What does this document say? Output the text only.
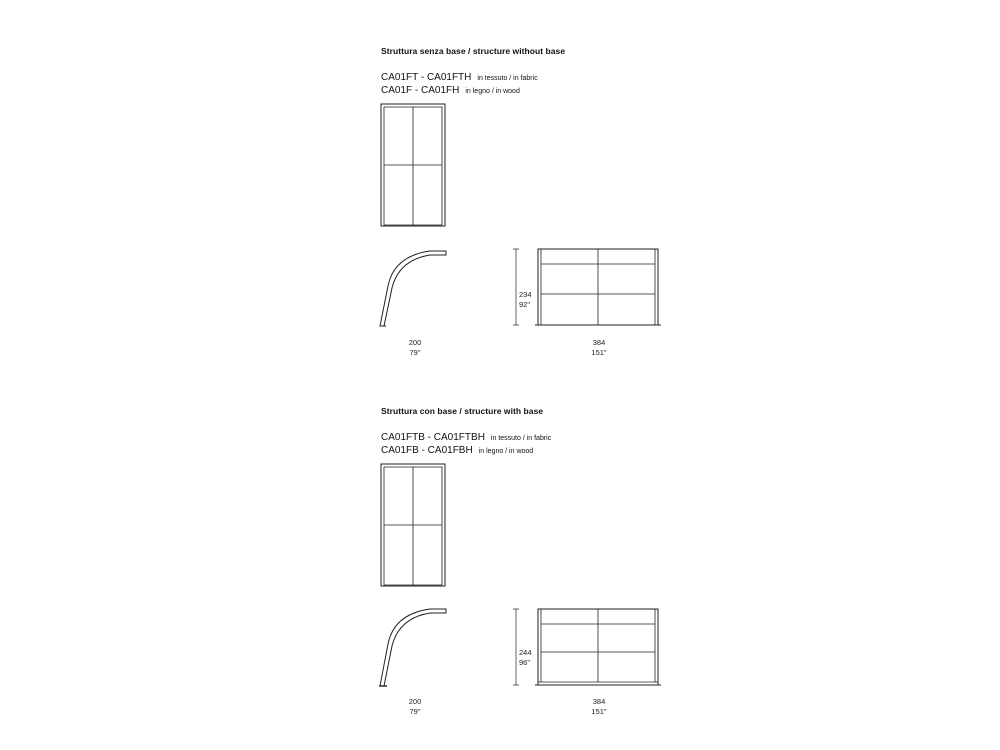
Struttura senza base / structure without base
CA01FT - CA01FTH in tessuto / in fabric
CA01F - CA01FH in legno / in wood
200
79"
234
92"
384
151"
Struttura con base / structure with base
CA01FTB - CA01FTBH in tessuto / in fabric
CA01FB - CA01FBH in legno / in wood
200
79"
244
96"
384
151"
